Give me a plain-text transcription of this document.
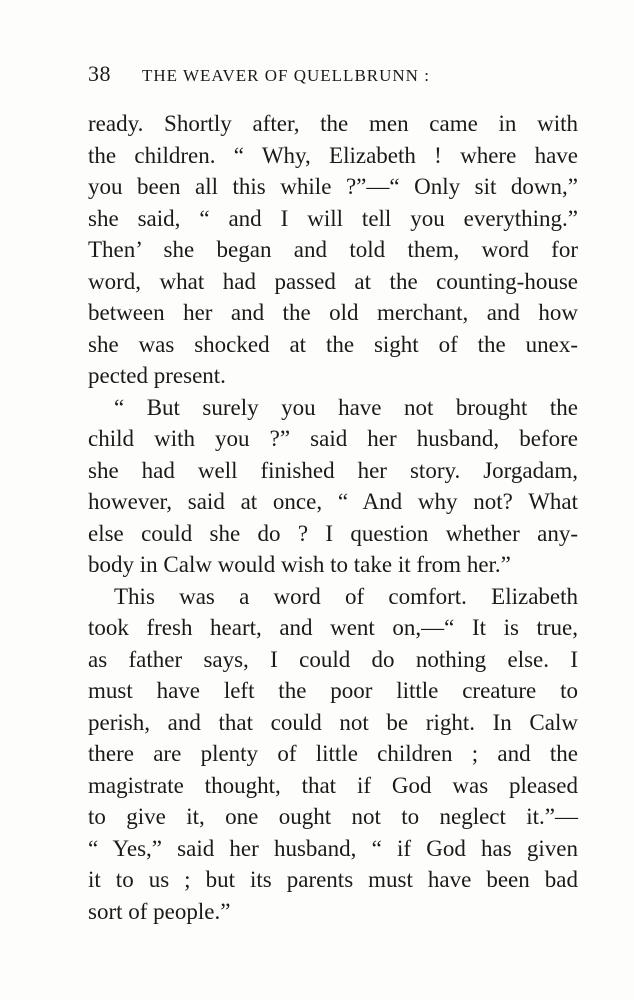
38 THE WEAVER OF QUELLBRUNN :
ready. Shortly after, the men came in with
the children. “ Why, Elizabeth ! where have
you been all this while ?”—“ Only sit down,”
she said, “ and I will tell you everything.”
Then’ she began and told them, word for
word, what had passed at the counting-house
between her and the old merchant, and how
she was shocked at the sight of the unex-
pected present.
“ But surely you have not brought the
child with you ?” said her husband, before
she had well finished her story. Jorgadam,
however, said at once, “ And why not? What
else could she do ? I question whether any-
body in Calw would wish to take it from her.”
This was a word of comfort. Elizabeth
took fresh heart, and went on,—“ It is true,
as father says, I could do nothing else. I
must have left the poor little creature to
perish, and that could not be right. In Calw
there are plenty of little children ; and the
magistrate thought, that if God was pleased
to give it, one ought not to neglect it.”—
“ Yes,” said her husband, “ if God has given
it to us ; but its parents must have been bad
sort of people.”
